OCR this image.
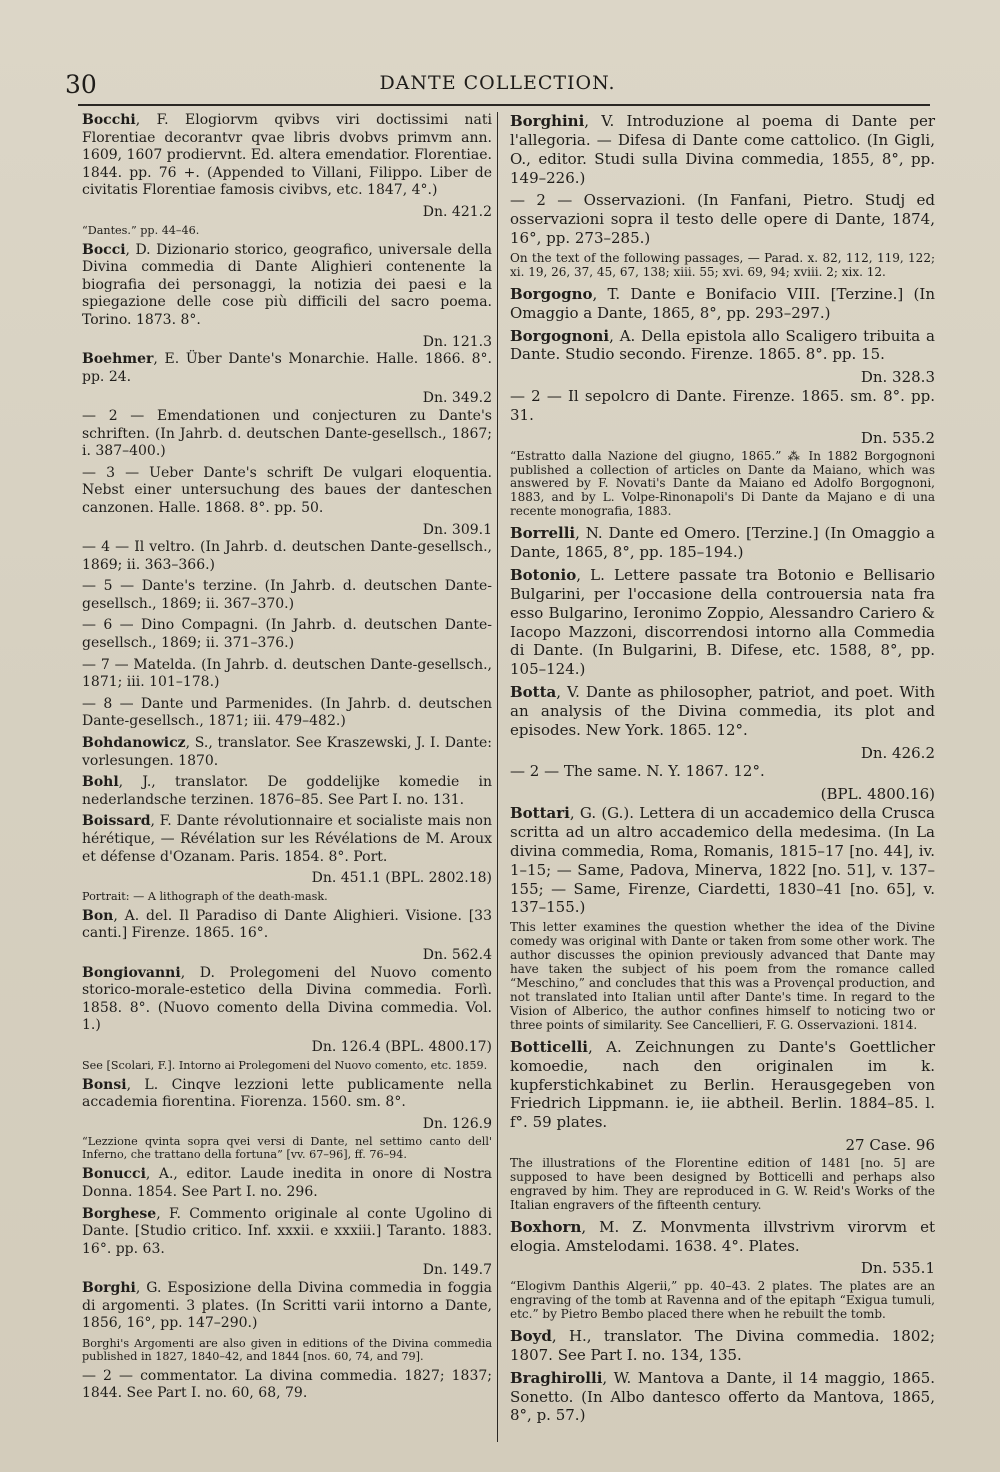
30	DANTE COLLECTION.
Bocchi, F. Elogiorvm qvibvs viri doctissimi nati Florentiae decorantvr qvae libris dvobvs primvm ann. 1609, 1607 prodiervnt. Ed. altera emendatior. Florentiae. 1844. pp. 76 +. (Appended to Villani, Filippo. Liber de civitatis Florentiae famosis civibvs, etc. 1847, 4°.)
Dn. 421.2
“Dantes.” pp. 44–46.
Bocci, D. Dizionario storico, geografico, universale della Divina commedia di Dante Alighieri contenente la biografia dei personaggi, la notizia dei paesi e la spiegazione delle cose più difficili del sacro poema. Torino. 1873. 8°.
Dn. 121.3
Boehmer, E. Über Dante's Monarchie. Halle. 1866. 8°. pp. 24.
Dn. 349.2
— 2 — Emendationen und conjecturen zu Dante's schriften. (In Jahrb. d. deutschen Dante-gesellsch., 1867; i. 387–400.)
— 3 — Ueber Dante's schrift De vulgari eloquentia. Nebst einer untersuchung des baues der danteschen canzonen. Halle. 1868. 8°. pp. 50.
Dn. 309.1
— 4 — Il veltro. (In Jahrb. d. deutschen Dante-gesellsch., 1869; ii. 363–366.)
— 5 — Dante's terzine. (In Jahrb. d. deutschen Dante-gesellsch., 1869; ii. 367–370.)
— 6 — Dino Compagni. (In Jahrb. d. deutschen Dante-gesellsch., 1869; ii. 371–376.)
— 7 — Matelda. (In Jahrb. d. deutschen Dante-gesellsch., 1871; iii. 101–178.)
— 8 — Dante und Parmenides. (In Jahrb. d. deutschen Dante-gesellsch., 1871; iii. 479–482.)
Bohdanowicz, S., translator. See Kraszewski, J. I. Dante: vorlesungen. 1870.
Bohl, J., translator. De goddelijke komedie in nederlandsche terzinen. 1876–85. See Part I. no. 131.
Boissard, F. Dante révolutionnaire et socialiste mais non hérétique, — Révélation sur les Révélations de M. Aroux et défense d'Ozanam. Paris. 1854. 8°. Port.
Dn. 451.1 (BPL. 2802.18)
Portrait: — A lithograph of the death-mask.
Bon, A. del. Il Paradiso di Dante Alighieri. Visione. [33 canti.] Firenze. 1865. 16°.
Dn. 562.4
Bongiovanni, D. Prolegomeni del Nuovo comento storico-morale-estetico della Divina commedia. Forlì. 1858. 8°. (Nuovo comento della Divina commedia. Vol. 1.)
Dn. 126.4 (BPL. 4800.17)
See [Scolari, F.]. Intorno ai Prolegomeni del Nuovo comento, etc. 1859.
Bonsi, L. Cinqve lezzioni lette publicamente nella accademia fiorentina. Fiorenza. 1560. sm. 8°.
Dn. 126.9
“Lezzione qvinta sopra qvei versi di Dante, nel settimo canto dell' Inferno, che trattano della fortuna” [vv. 67–96], ff. 76–94.
Bonucci, A., editor. Laude inedita in onore di Nostra Donna. 1854. See Part I. no. 296.
Borghese, F. Commento originale al conte Ugolino di Dante. [Studio critico. Inf. xxxii. e xxxiii.] Taranto. 1883. 16°. pp. 63.
Dn. 149.7
Borghi, G. Esposizione della Divina commedia in foggia di argomenti. 3 plates. (In Scritti varii intorno a Dante, 1856, 16°, pp. 147–290.)
Borghi's Argomenti are also given in editions of the Divina commedia published in 1827, 1840–42, and 1844 [nos. 60, 74, and 79].
— 2 — commentator. La divina commedia. 1827; 1837; 1844. See Part I. no. 60, 68, 79.
Borghini, V. Introduzione al poema di Dante per l'allegoria. — Difesa di Dante come cattolico. (In Gigli, O., editor. Studi sulla Divina commedia, 1855, 8°, pp. 149–226.)
— 2 — Osservazioni. (In Fanfani, Pietro. Studj ed osservazioni sopra il testo delle opere di Dante, 1874, 16°, pp. 273–285.)
On the text of the following passages, — Parad. x. 82, 112, 119, 122; xi. 19, 26, 37, 45, 67, 138; xiii. 55; xvi. 69, 94; xviii. 2; xix. 12.
Borgogno, T. Dante e Bonifacio VIII. [Terzine.] (In Omaggio a Dante, 1865, 8°, pp. 293–297.)
Borgognoni, A. Della epistola allo Scaligero tribuita a Dante. Studio secondo. Firenze. 1865. 8°. pp. 15.
Dn. 328.3
— 2 — Il sepolcro di Dante. Firenze. 1865. sm. 8°. pp. 31.
Dn. 535.2
“Estratto dalla Nazione del giugno, 1865.” ⁂ In 1882 Borgognoni published a collection of articles on Dante da Maiano, which was answered by F. Novati's Dante da Maiano ed Adolfo Borgognoni, 1883, and by L. Volpe-Rinonapoli's Di Dante da Majano e di una recente monografia, 1883.
Borrelli, N. Dante ed Omero. [Terzine.] (In Omaggio a Dante, 1865, 8°, pp. 185–194.)
Botonio, L. Lettere passate tra Botonio e Bellisario Bulgarini, per l'occasione della controuersia nata fra esso Bulgarino, Ieronimo Zoppio, Alessandro Cariero & Iacopo Mazzoni, discorrendosi intorno alla Commedia di Dante. (In Bulgarini, B. Difese, etc. 1588, 8°, pp. 105–124.)
Botta, V. Dante as philosopher, patriot, and poet. With an analysis of the Divina commedia, its plot and episodes. New York. 1865. 12°.
Dn. 426.2
— 2 — The same. N. Y. 1867. 12°.
(BPL. 4800.16)
Bottari, G. (G.). Lettera di un accademico della Crusca scritta ad un altro accademico della medesima. (In La divina commedia, Roma, Romanis, 1815–17 [no. 44], iv. 1–15; — Same, Padova, Minerva, 1822 [no. 51], v. 137–155; — Same, Firenze, Ciardetti, 1830–41 [no. 65], v. 137–155.)
This letter examines the question whether the idea of the Divine comedy was original with Dante or taken from some other work. The author discusses the opinion previously advanced that Dante may have taken the subject of his poem from the romance called “Meschino,” and concludes that this was a Provençal production, and not translated into Italian until after Dante's time. In regard to the Vision of Alberico, the author confines himself to noticing two or three points of similarity. See Cancellieri, F. G. Osservazioni. 1814.
Botticelli, A. Zeichnungen zu Dante's Goettlicher komoedie, nach den originalen im k. kupferstichkabinet zu Berlin. Herausgegeben von Friedrich Lippmann. ie, iie abtheil. Berlin. 1884–85. l. f°. 59 plates.
27 Case. 96
The illustrations of the Florentine edition of 1481 [no. 5] are supposed to have been designed by Botticelli and perhaps also engraved by him. They are reproduced in G. W. Reid's Works of the Italian engravers of the fifteenth century.
Boxhorn, M. Z. Monvmenta illvstrivm virorvm et elogia. Amstelodami. 1638. 4°. Plates.
Dn. 535.1
“Elogivm Danthis Algerii,” pp. 40–43. 2 plates. The plates are an engraving of the tomb at Ravenna and of the epitaph “Exigua tumuli, etc.” by Pietro Bembo placed there when he rebuilt the tomb.
Boyd, H., translator. The Divina commedia. 1802; 1807. See Part I. no. 134, 135.
Braghirolli, W. Mantova a Dante, il 14 maggio, 1865. Sonetto. (In Albo dantesco offerto da Mantova, 1865, 8°, p. 57.)
